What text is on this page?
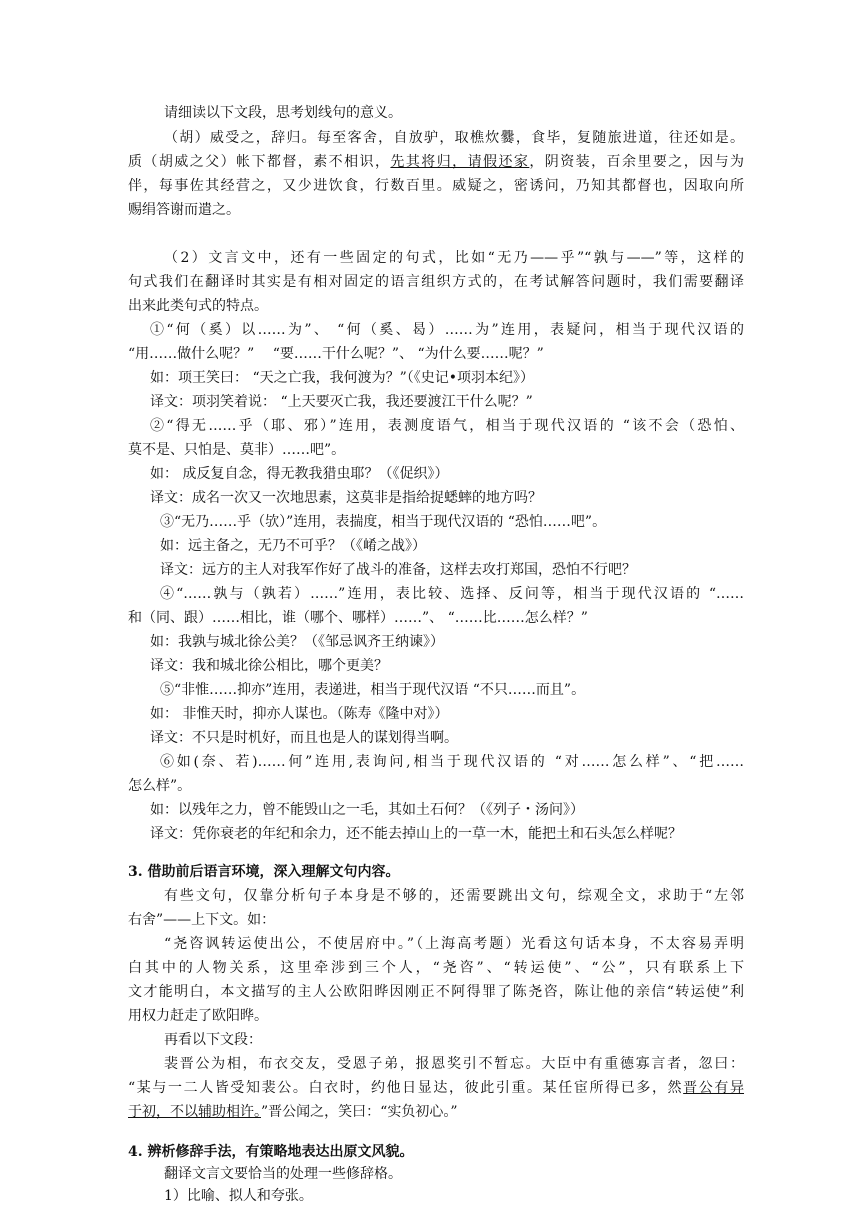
请细读以下文段，思考划线句的意义。
（胡）威受之，辞归。每至客舍，自放驴，取樵炊爨，食毕，复随旅进道，往还如是。
质（胡威之父）帐下都督，素不相识，先其将归，请假还家，阴资装，百余里要之，因与为
伴，每事佐其经营之，又少进饮食，行数百里。威疑之，密诱问，乃知其都督也，因取向所
赐绢答谢而遣之。
（2）文言文中，还有一些固定的句式，比如“无乃——乎”“孰与——”等，这样的
句式我们在翻译时其实是有相对固定的语言组织方式的，在考试解答问题时，我们需要翻译
出来此类句式的特点。
①“何（奚）以……为”、 “何（奚、曷）……为”连用，表疑问，相当于现代汉语的
“用……做什么呢？”　 “要……干什么呢？”、 “为什么要……呢？”
如：项王笑曰： “天之亡我，我何渡为？”（《史记•项羽本纪》）
译文：项羽笑着说： “上天要灭亡我，我还要渡江干什么呢？”
②“得无……乎（耶、邪）”连用，表测度语气，相当于现代汉语的 “该不会（恐怕、
莫不是、只怕是、莫非）……吧”。
如： 成反复自念，得无教我猎虫耶？（《促织》）
译文：成名一次又一次地思素，这莫非是指给捉蟋蟀的地方吗？
③“无乃……乎（欤）”连用，表揣度，相当于现代汉语的 “恐怕……吧”。
如：远主备之，无乃不可乎？（《崤之战》）
译文：远方的主人对我军作好了战斗的准备，这样去攻打郑国，恐怕不行吧？
④“……孰与（孰若）……”连用，表比较、选择、反问等，相当于现代汉语的 “……
和（同、跟）……相比，谁（哪个、哪样）……”、 “……比……怎么样？”
如：我孰与城北徐公美？（《邹忌讽齐王纳谏》）
译文：我和城北徐公相比，哪个更美？
⑤“非惟……抑亦”连用，表递进，相当于现代汉语 “不只……而且”。
如： 非惟天时，抑亦人谋也。（陈寿《隆中对》）
译文：不只是时机好，而且也是人的谋划得当啊。
⑥如(奈、若)……何”连用,表询问,相当于现代汉语的 “对……怎么样”、“把……
怎么样”。
如：以残年之力，曾不能毁山之一毛，其如土石何？（《列子・汤问》）
译文：凭你衰老的年纪和余力，还不能去掉山上的一草一木，能把土和石头怎么样呢？
3. 借助前后语言环境，深入理解文句内容。
有些文句，仅靠分析句子本身是不够的，还需要跳出文句，综观全文，求助于“左邻
右舍”——上下文。如：
“尧咨讽转运使出公，不使居府中。”（上海高考题）光看这句话本身，不太容易弄明
白其中的人物关系，这里牵涉到三个人，“尧咨”、“转运使”、“公”，只有联系上下
文才能明白，本文描写的主人公欧阳晔因刚正不阿得罪了陈尧咨，陈让他的亲信“转运使”利
用权力赶走了欧阳晔。
再看以下文段：
裴晋公为相，布衣交友，受恩子弟，报恩奖引不暂忘。大臣中有重德寡言者，忽曰：
“某与一二人皆受知裴公。白衣时，约他日显达，彼此引重。某任宦所得已多，然晋公有异
于初，不以辅助相许。”晋公闻之，笑曰：“实负初心。”
4. 辨析修辞手法，有策略地表达出原文风貌。
翻译文言文要恰当的处理一些修辞格。
1）比喻、拟人和夸张。
